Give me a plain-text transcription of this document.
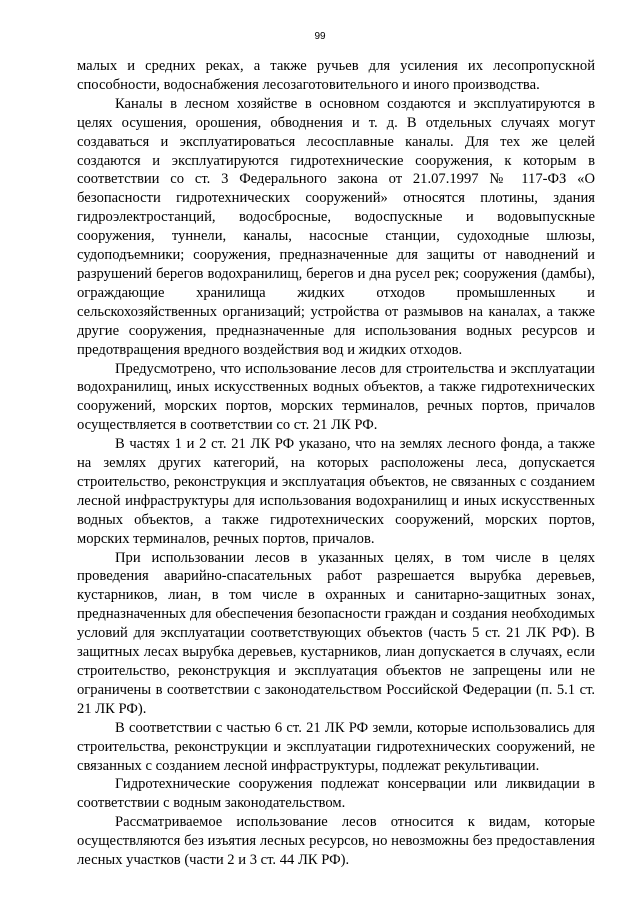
99

малых и средних реках, а также ручьев для усиления их лесопропускной способности, водоснабжения лесозаготовительного и иного производства.

Каналы в лесном хозяйстве в основном создаются и эксплуатируются в целях осушения, орошения, обводнения и т. д. В отдельных случаях могут создаваться и эксплуатироваться лесосплавные каналы. Для тех же целей создаются и эксплуатируются гидротехнические сооружения, к которым в соответствии со ст. 3 Федерального закона от 21.07.1997 № 117-ФЗ «О безопасности гидротехнических сооружений» относятся плотины, здания гидроэлектростанций, водосбросные, водоспускные и водовыпускные сооружения, туннели, каналы, насосные станции, судоходные шлюзы, судоподъемники; сооружения, предназначенные для защиты от наводнений и разрушений берегов водохранилищ, берегов и дна русел рек; сооружения (дамбы), ограждающие хранилища жидких отходов промышленных и сельскохозяйственных организаций; устройства от размывов на каналах, а также другие сооружения, предназначенные для использования водных ресурсов и предотвращения вредного воздействия вод и жидких отходов.

Предусмотрено, что использование лесов для строительства и эксплуатации водохранилищ, иных искусственных водных объектов, а также гидротехнических сооружений, морских портов, морских терминалов, речных портов, причалов осуществляется в соответствии со ст. 21 ЛК РФ.

В частях 1 и 2 ст. 21 ЛК РФ указано, что на землях лесного фонда, а также на землях других категорий, на которых расположены леса, допускается строительство, реконструкция и эксплуатация объектов, не связанных с созданием лесной инфраструктуры для использования водохранилищ и иных искусственных водных объектов, а также гидротехнических сооружений, морских портов, морских терминалов, речных портов, причалов.

При использовании лесов в указанных целях, в том числе в целях проведения аварийно-спасательных работ разрешается вырубка деревьев, кустарников, лиан, в том числе в охранных и санитарно-защитных зонах, предназначенных для обеспечения безопасности граждан и создания необходимых условий для эксплуатации соответствующих объектов (часть 5 ст. 21 ЛК РФ). В защитных лесах вырубка деревьев, кустарников, лиан допускается в случаях, если строительство, реконструкция и эксплуатация объектов не запрещены или не ограничены в соответствии с законодательством Российской Федерации (п. 5.1 ст. 21 ЛК РФ).

В соответствии с частью 6 ст. 21 ЛК РФ земли, которые использовались для строительства, реконструкции и эксплуатации гидротехнических сооружений, не связанных с созданием лесной инфраструктуры, подлежат рекультивации.

Гидротехнические сооружения подлежат консервации или ликвидации в соответствии с водным законодательством.

Рассматриваемое использование лесов относится к видам, которые осуществляются без изъятия лесных ресурсов, но невозможны без предоставления лесных участков (части 2 и 3 ст. 44 ЛК РФ).
